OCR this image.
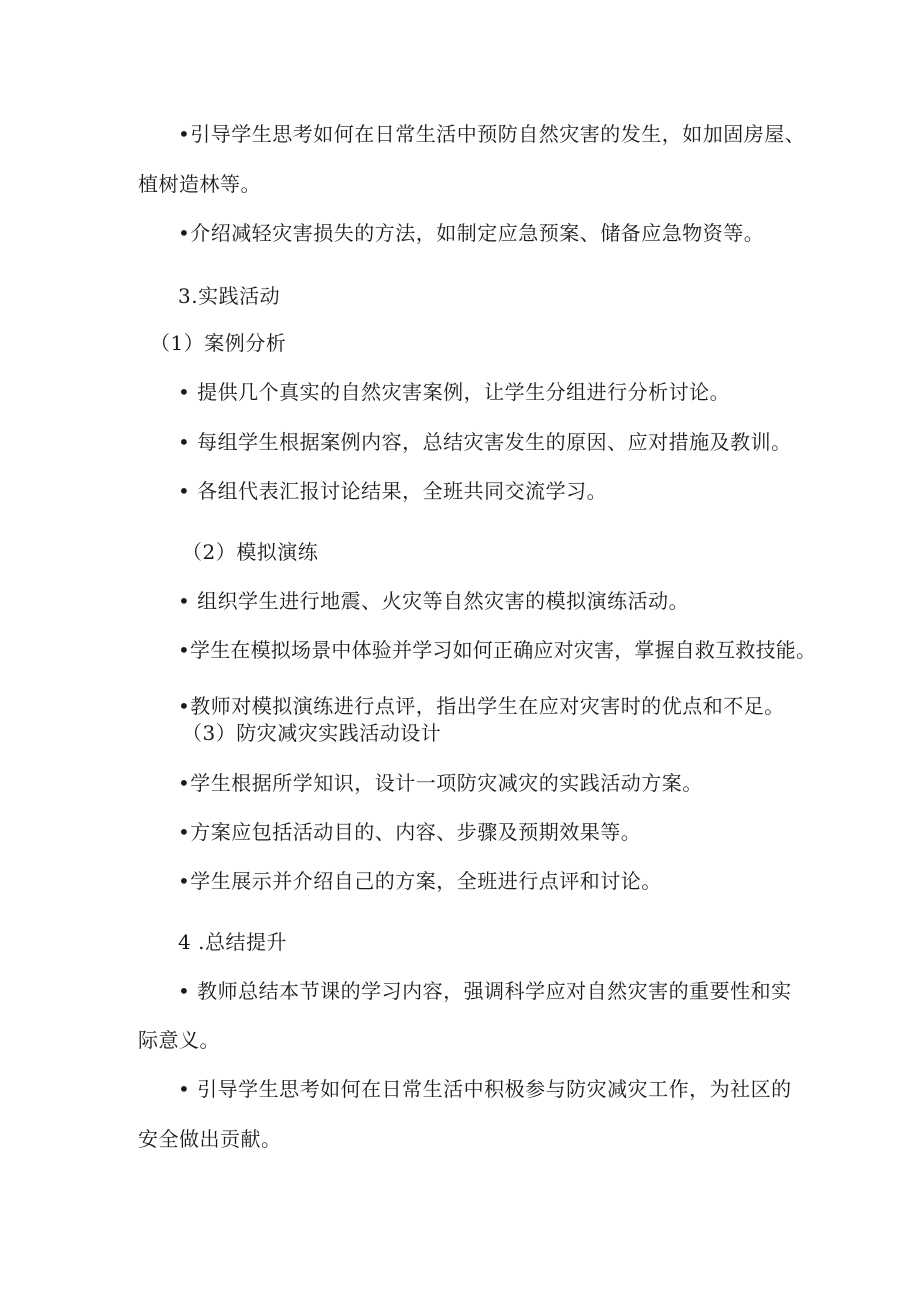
•引导学生思考如何在日常生活中预防自然灾害的发生，如加固房屋、
植树造林等。
•介绍减轻灾害损失的方法，如制定应急预案、储备应急物资等。
3.实践活动
（1）案例分析
• 提供几个真实的自然灾害案例，让学生分组进行分析讨论。
• 每组学生根据案例内容，总结灾害发生的原因、应对措施及教训。
• 各组代表汇报讨论结果，全班共同交流学习。
（2）模拟演练
• 组织学生进行地震、火灾等自然灾害的模拟演练活动。
•学生在模拟场景中体验并学习如何正确应对灾害，掌握自救互救技能。
•教师对模拟演练进行点评，指出学生在应对灾害时的优点和不足。
（3）防灾减灾实践活动设计
•学生根据所学知识，设计一项防灾减灾的实践活动方案。
•方案应包括活动目的、内容、步骤及预期效果等。
•学生展示并介绍自己的方案，全班进行点评和讨论。
4 .总结提升
• 教师总结本节课的学习内容，强调科学应对自然灾害的重要性和实
际意义。
• 引导学生思考如何在日常生活中积极参与防灾减灾工作，为社区的
安全做出贡献。
